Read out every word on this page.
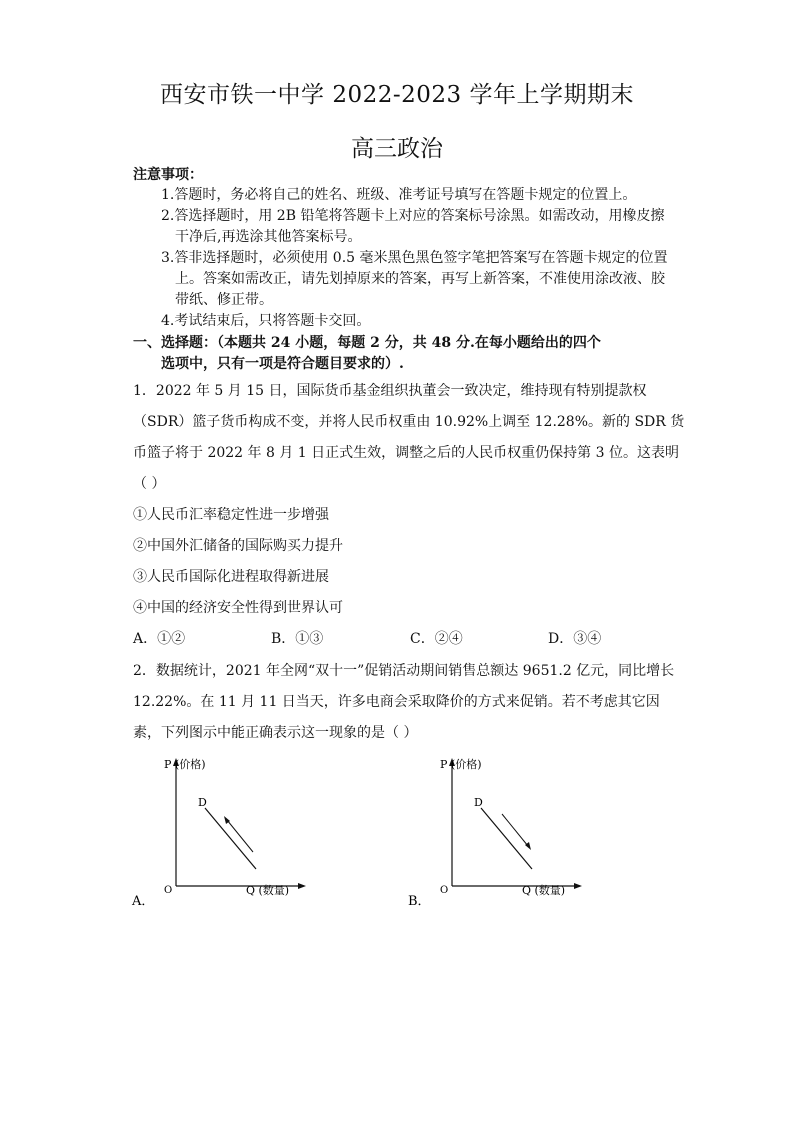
西安市铁一中学 2022-2023 学年上学期期末
高三政治
注意事项：
1.答题时，务必将自己的姓名、班级、准考证号填写在答题卡规定的位置上。
2.答选择题时，用 2B 铅笔将答题卡上对应的答案标号涂黑。如需改动，用橡皮擦
干净后,再选涂其他答案标号。
3.答非选择题时，必须使用 0.5 毫米黑色黑色签字笔把答案写在答题卡规定的位置
上。答案如需改正，请先划掉原来的答案，再写上新答案，不准使用涂改液、胶
带纸、修正带。
4.考试结束后，只将答题卡交回。
一、选择题：（本题共 24 小题，每题 2 分，共 48 分.在每小题给出的四个
选项中，只有一项是符合题目要求的）.
1．2022 年 5 月 15 日，国际货币基金组织执董会一致决定，维持现有特别提款权
（SDR）篮子货币构成不变，并将人民币权重由 10.92%上调至 12.28%。新的 SDR 货
币篮子将于 2022 年 8 月 1 日正式生效，调整之后的人民币权重仍保持第 3 位。这表明
（ ）
①人民币汇率稳定性进一步增强
②中国外汇储备的国际购买力提升
③人民币国际化进程取得新进展
④中国的经济安全性得到世界认可
A．①②	B．①③	C．②④	D．③④
2．数据统计，2021 年全网“双十一”促销活动期间销售总额达 9651.2 亿元，同比增长
12.22%。在 11 月 11 日当天，许多电商会采取降价的方式来促销。若不考虑其它因
素，下列图示中能正确表示这一现象的是（ ）
P (价格)
D
O	Q (数量)
A．
P (价格)
D
O	Q (数量)
B．
